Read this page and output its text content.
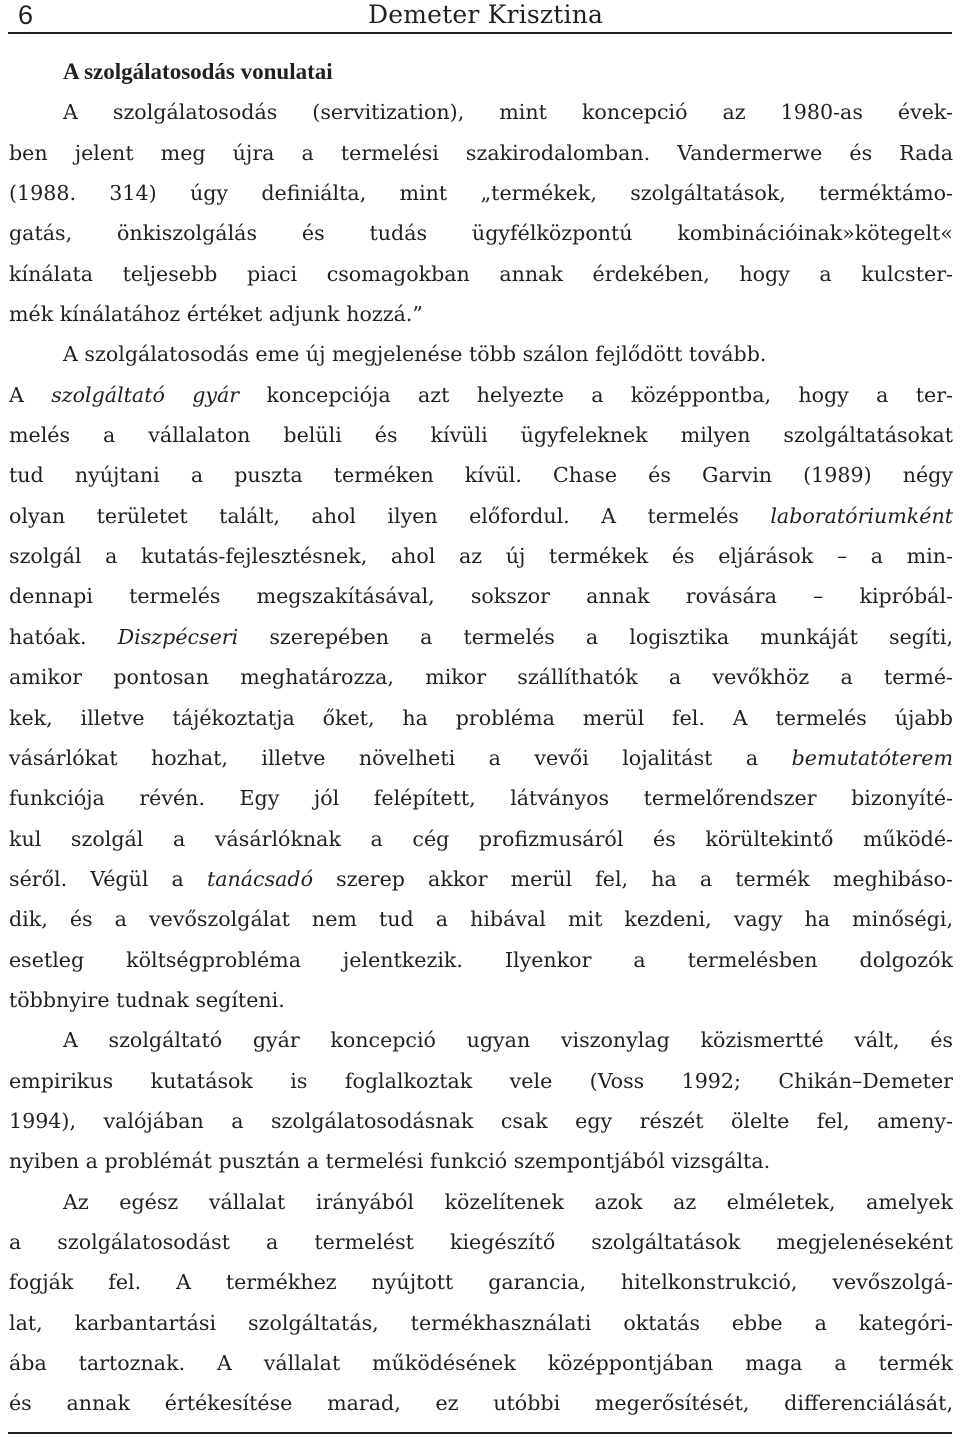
6	Demeter Krisztina
A szolgálatosodás vonulatai
A szolgálatosodás (servitization), mint koncepció az 1980-as évek-
ben jelent meg újra a termelési szakirodalomban. Vandermerwe és Rada
(1988. 314) úgy definiálta, mint „termékek, szolgáltatások, terméktámo-
gatás, önkiszolgálás és tudás ügyfélközpontú kombinációinak»kötegelt«
kínálata teljesebb piaci csomagokban annak érdekében, hogy a kulcster-
mék kínálatához értéket adjunk hozzá.”
A szolgálatosodás eme új megjelenése több szálon fejlődött tovább.
A szolgáltató gyár koncepciója azt helyezte a középpontba, hogy a ter-
melés a vállalaton belüli és kívüli ügyfeleknek milyen szolgáltatásokat
tud nyújtani a puszta terméken kívül. Chase és Garvin (1989) négy
olyan területet talált, ahol ilyen előfordul. A termelés laboratóriumként
szolgál a kutatás-fejlesztésnek, ahol az új termékek és eljárások – a min-
dennapi termelés megszakításával, sokszor annak rovására – kipróbál-
hatóak. Diszpécseri szerepében a termelés a logisztika munkáját segíti,
amikor pontosan meghatározza, mikor szállíthatók a vevőkhöz a termé-
kek, illetve tájékoztatja őket, ha probléma merül fel. A termelés újabb
vásárlókat hozhat, illetve növelheti a vevői lojalitást a bemutatóterem
funkciója révén. Egy jól felépített, látványos termelőrendszer bizonyíté-
kul szolgál a vásárlóknak a cég profizmusáról és körültekintő működé-
séről. Végül a tanácsadó szerep akkor merül fel, ha a termék meghibáso-
dik, és a vevőszolgálat nem tud a hibával mit kezdeni, vagy ha minőségi,
esetleg költségprobléma jelentkezik. Ilyenkor a termelésben dolgozók
többnyire tudnak segíteni.
A szolgáltató gyár koncepció ugyan viszonylag közismertté vált, és
empirikus kutatások is foglalkoztak vele (Voss 1992; Chikán–Demeter
1994), valójában a szolgálatosodásnak csak egy részét ölelte fel, ameny-
nyiben a problémát pusztán a termelési funkció szempontjából vizsgálta.
Az egész vállalat irányából közelítenek azok az elméletek, amelyek
a szolgálatosodást a termelést kiegészítő szolgáltatások megjelenéseként
fogják fel. A termékhez nyújtott garancia, hitelkonstrukció, vevőszolgá-
lat, karbantartási szolgáltatás, termékhasználati oktatás ebbe a kategóri-
ába tartoznak. A vállalat működésének középpontjában maga a termék
és annak értékesítése marad, ez utóbbi megerősítését, differenciálását,
